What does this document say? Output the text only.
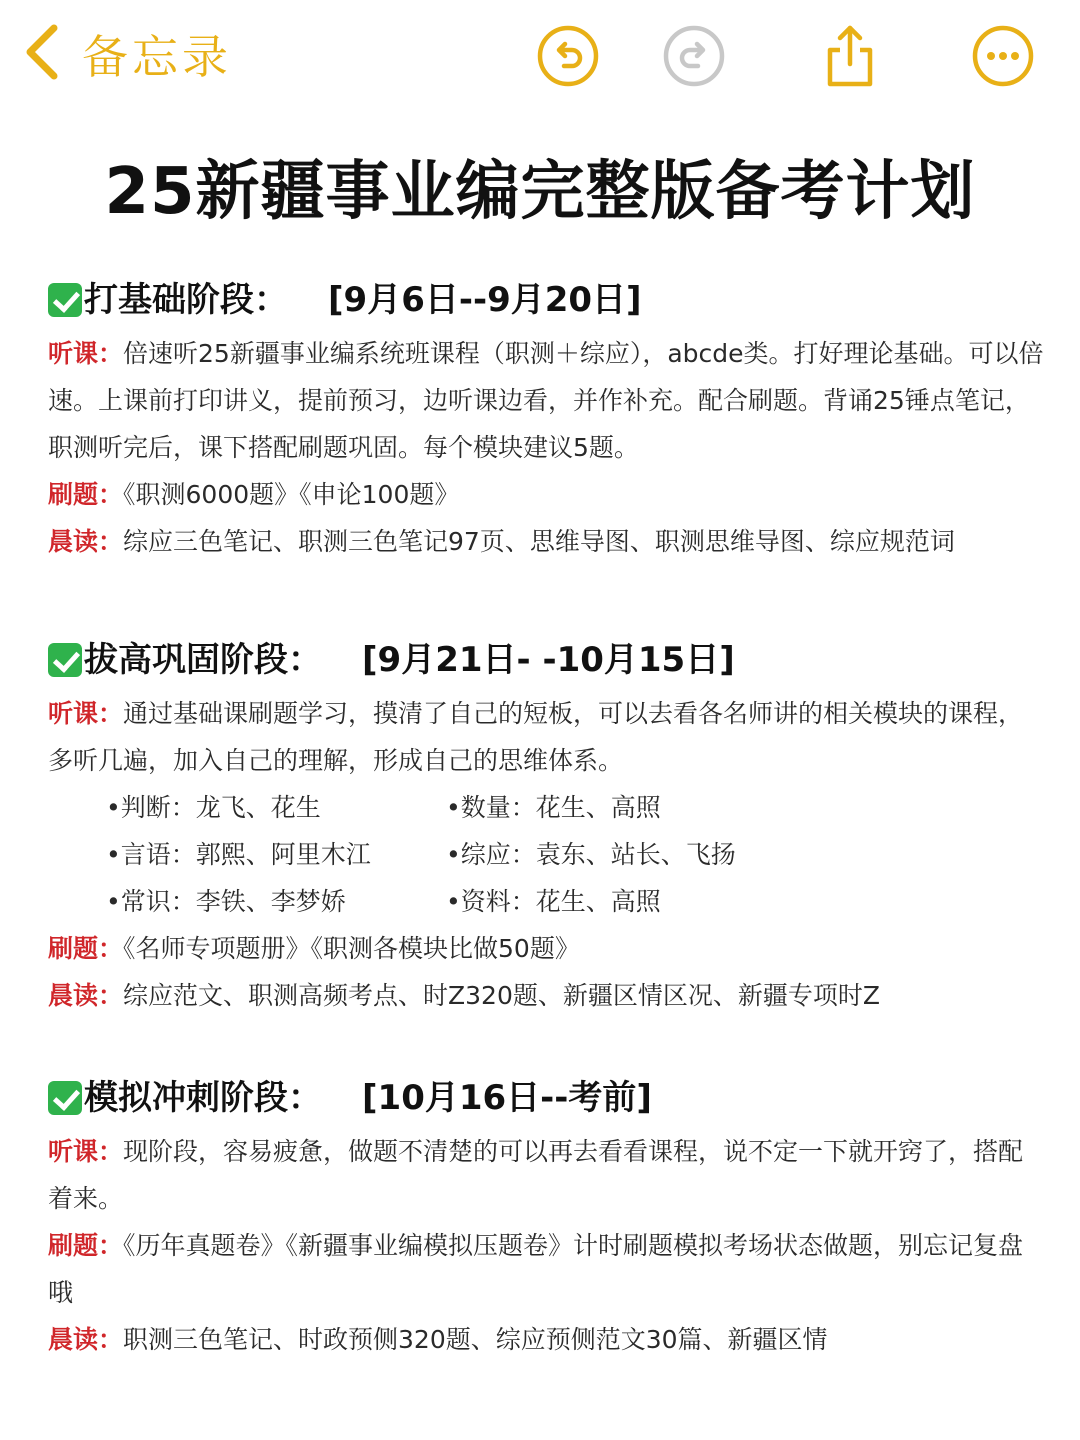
备忘录
25新疆事业编完整版备考计划
打基础阶段： [9月6日--9月20日]
听课：倍速听25新疆事业编系统班课程（职测＋综应），abcde类。打好理论基础。可以倍速。上课前打印讲义，提前预习，边听课边看，并作补充。配合刷题。背诵25锤点笔记，职测听完后，课下搭配刷题巩固。每个模块建议5题。
刷题：《职测6000题》《申论100题》
晨读：综应三色笔记、职测三色笔记97页、思维导图、职测思维导图、综应规范词
拔高巩固阶段： [9月21日- -10月15日]
听课：通过基础课刷题学习，摸清了自己的短板，可以去看各名师讲的相关模块的课程，多听几遍，加入自己的理解，形成自己的思维体系。
•判断：龙飞、花生	•数量：花生、高照
•言语：郭熙、阿里木江	•综应：袁东、站长、飞扬
•常识：李铁、李梦娇	•资料：花生、高照
刷题：《名师专项题册》《职测各模块比做50题》
晨读：综应范文、职测高频考点、时Z320题、新疆区情区况、新疆专项时Z
模拟冲刺阶段： [10月16日--考前]
听课：现阶段，容易疲惫，做题不清楚的可以再去看看课程，说不定一下就开窍了，搭配着来。
刷题：《历年真题卷》《新疆事业编模拟压题卷》计时刷题模拟考场状态做题，别忘记复盘哦
晨读：职测三色笔记、时政预侧320题、综应预侧范文30篇、新疆区情
